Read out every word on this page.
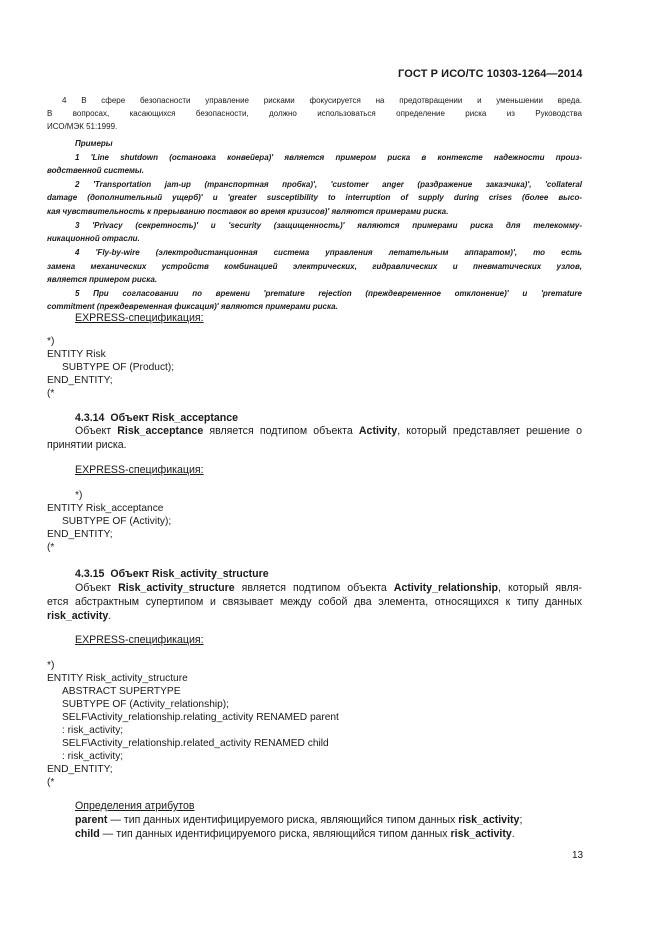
ГОСТ Р ИСО/ТС 10303-1264—2014
4 В сфере безопасности управление рисками фокусируется на предотвращении и уменьшении вреда.
В вопросах, касающихся безопасности, должно использоваться определение риска из Руководства
ИСО/МЭК 51:1999.
Примеры
1 'Line shutdown (остановка конвейера)' является примером риска в контексте надежности произ-
водственной системы.
2 'Transportation jam-up (транспортная пробка)', 'customer anger (раздражение заказчика)', 'collateral
damage (дополнительный ущерб)' и 'greater susceptibility to interruption of supply during crises (более высо-
кая чувствительность к прерыванию поставок во время кризисов)' являются примерами риска.
3 'Privacy (секретность)' и 'security (защищенность)' являются примерами риска для телекомму-
никационной отрасли.
4 'Fly-by-wire (электродистанционная система управления летательным аппаратом)', то есть
замена механических устройств комбинацией электрических, гидравлических и пневматических узлов,
является примером риска.
5 При согласовании по времени 'premature rejection (преждевременное отклонение)' и 'premature
commitment (преждевременная фиксация)' являются примерами риска.
EXPRESS-спецификация:
*)
ENTITY Risk
SUBTYPE OF (Product);
END_ENTITY;
(*
4.3.14 Объект Risk_acceptance
Объект Risk_acceptance является подтипом объекта Activity, который представляет решение о
принятии риска.
EXPRESS-спецификация:
*)
ENTITY Risk_acceptance
SUBTYPE OF (Activity);
END_ENTITY;
(*
4.3.15 Объект Risk_activity_structure
Объект Risk_activity_structure является подтипом объекта Activity_relationship, который явля-
ется абстрактным супертипом и связывает между собой два элемента, относящихся к типу данных
risk_activity.
EXPRESS-спецификация:
*)
ENTITY Risk_activity_structure
ABSTRACT SUPERTYPE
SUBTYPE OF (Activity_relationship);
SELF\Activity_relationship.relating_activity RENAMED parent
: risk_activity;
SELF\Activity_relationship.related_activity RENAMED child
: risk_activity;
END_ENTITY;
(*
Определения атрибутов
parent — тип данных идентифицируемого риска, являющийся типом данных risk_activity;
child — тип данных идентифицируемого риска, являющийся типом данных risk_activity.
13
